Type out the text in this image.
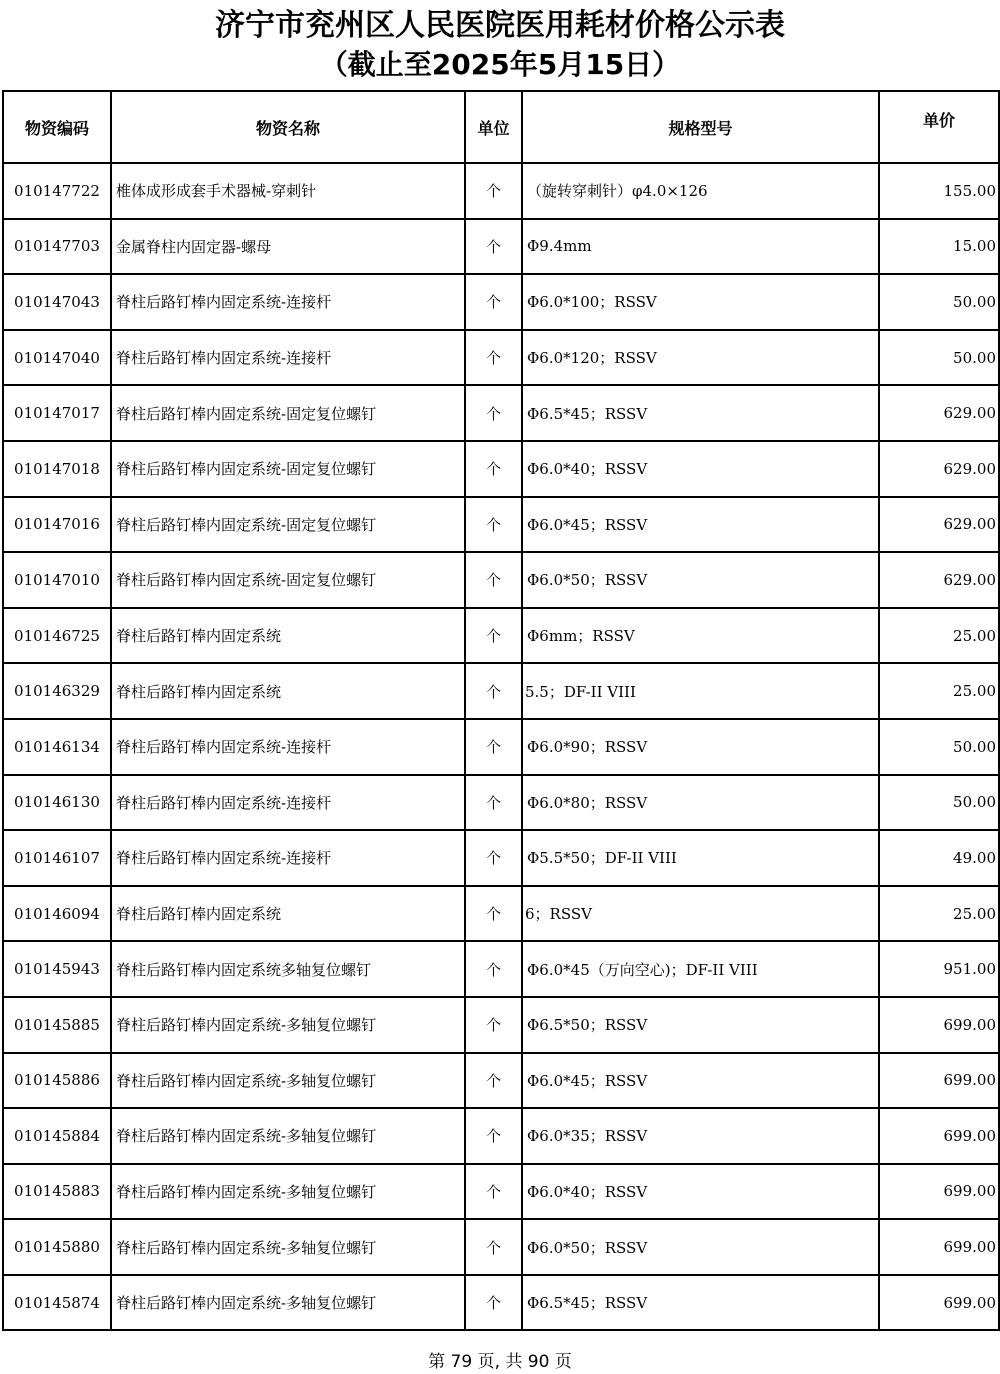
济宁市兖州区人民医院医用耗材价格公示表
（截止至2025年5月15日）
物资编码	物资名称	单位	规格型号	单价
010147722	椎体成形成套手术器械-穿刺针	个	（旋转穿刺针）φ4.0×126	155.00
010147703	金属脊柱内固定器-螺母	个	Φ9.4mm	15.00
010147043	脊柱后路钉棒内固定系统-连接杆	个	Φ6.0*100；RSSV	50.00
010147040	脊柱后路钉棒内固定系统-连接杆	个	Φ6.0*120；RSSV	50.00
010147017	脊柱后路钉棒内固定系统-固定复位螺钉	个	Φ6.5*45；RSSV	629.00
010147018	脊柱后路钉棒内固定系统-固定复位螺钉	个	Φ6.0*40；RSSV	629.00
010147016	脊柱后路钉棒内固定系统-固定复位螺钉	个	Φ6.0*45；RSSV	629.00
010147010	脊柱后路钉棒内固定系统-固定复位螺钉	个	Φ6.0*50；RSSV	629.00
010146725	脊柱后路钉棒内固定系统	个	Φ6mm；RSSV	25.00
010146329	脊柱后路钉棒内固定系统	个	5.5；DF-II VIII	25.00
010146134	脊柱后路钉棒内固定系统-连接杆	个	Φ6.0*90；RSSV	50.00
010146130	脊柱后路钉棒内固定系统-连接杆	个	Φ6.0*80；RSSV	50.00
010146107	脊柱后路钉棒内固定系统-连接杆	个	Φ5.5*50；DF-II VIII	49.00
010146094	脊柱后路钉棒内固定系统	个	6；RSSV	25.00
010145943	脊柱后路钉棒内固定系统多轴复位螺钉	个	Φ6.0*45（万向空心)；DF-II VIII	951.00
010145885	脊柱后路钉棒内固定系统-多轴复位螺钉	个	Φ6.5*50；RSSV	699.00
010145886	脊柱后路钉棒内固定系统-多轴复位螺钉	个	Φ6.0*45；RSSV	699.00
010145884	脊柱后路钉棒内固定系统-多轴复位螺钉	个	Φ6.0*35；RSSV	699.00
010145883	脊柱后路钉棒内固定系统-多轴复位螺钉	个	Φ6.0*40；RSSV	699.00
010145880	脊柱后路钉棒内固定系统-多轴复位螺钉	个	Φ6.0*50；RSSV	699.00
010145874	脊柱后路钉棒内固定系统-多轴复位螺钉	个	Φ6.5*45；RSSV	699.00
第 79 页, 共 90 页
